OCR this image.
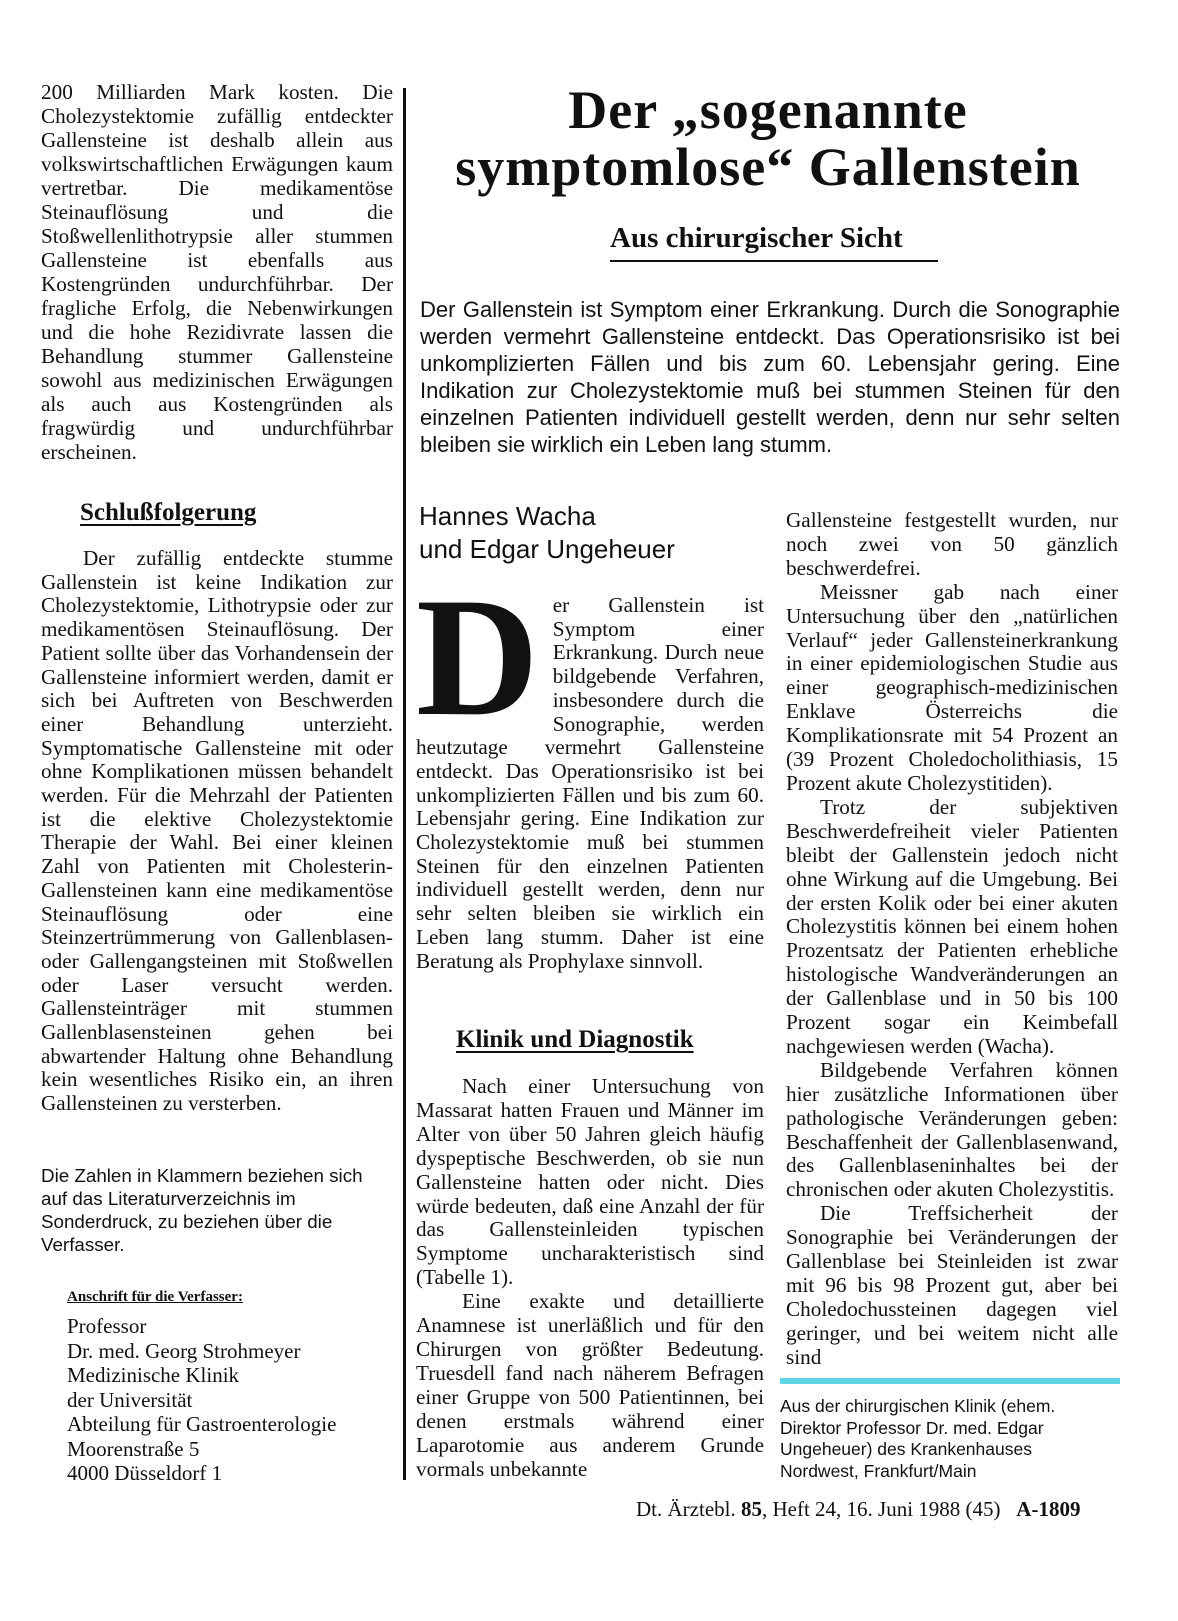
200 Milliarden Mark kosten. Die Cholezystektomie zufällig entdeckter Gallensteine ist deshalb allein aus volkswirtschaftlichen Erwägungen kaum vertretbar. Die medikamentöse Steinauflösung und die Stoßwellenlithotrypsie aller stummen Gallensteine ist ebenfalls aus Kostengründen undurchführbar. Der fragliche Erfolg, die Nebenwirkungen und die hohe Rezidivrate lassen die Behandlung stummer Gallensteine sowohl aus medizinischen Erwägungen als auch aus Kostengründen als fragwürdig und undurchführbar erscheinen.

Schlußfolgerung

Der zufällig entdeckte stumme Gallenstein ist keine Indikation zur Cholezystektomie, Lithotrypsie oder zur medikamentösen Steinauflösung. Der Patient sollte über das Vorhandensein der Gallensteine informiert werden, damit er sich bei Auftreten von Beschwerden einer Behandlung unterzieht. Symptomatische Gallensteine mit oder ohne Komplikationen müssen behandelt werden. Für die Mehrzahl der Patienten ist die elektive Cholezystektomie Therapie der Wahl. Bei einer kleinen Zahl von Patienten mit Cholesterin-Gallensteinen kann eine medikamentöse Steinauflösung oder eine Steinzertrümmerung von Gallenblasen- oder Gallengangsteinen mit Stoßwellen oder Laser versucht werden. Gallensteinträger mit stummen Gallenblasensteinen gehen bei abwartender Haltung ohne Behandlung kein wesentliches Risiko ein, an ihren Gallensteinen zu versterben.

Die Zahlen in Klammern beziehen sich auf das Literaturverzeichnis im Sonderdruck, zu beziehen über die Verfasser.
Anschrift für die Verfasser:
Professor
Dr. med. Georg Strohmeyer
Medizinische Klinik
der Universität
Abteilung für Gastroenterologie
Moorenstraße 5
4000 Düsseldorf 1
Der „sogenannte
symptomlose“ Gallenstein
Aus chirurgischer Sicht
Der Gallenstein ist Symptom einer Erkrankung. Durch die Sonographie werden vermehrt Gallensteine entdeckt. Das Operationsrisiko ist bei unkomplizierten Fällen und bis zum 60. Lebensjahr gering. Eine Indikation zur Cholezystektomie muß bei stummen Steinen für den einzelnen Patienten individuell gestellt werden, denn nur sehr selten bleiben sie wirklich ein Leben lang stumm.
Hannes Wacha
und Edgar Ungeheuer
D er Gallenstein ist Symptom einer Erkrankung. Durch neue bildgebende Verfahren, insbesondere durch die Sonographie, werden heutzutage vermehrt Gallensteine entdeckt. Das Operationsrisiko ist bei unkomplizierten Fällen und bis zum 60. Lebensjahr gering. Eine Indikation zur Cholezystektomie muß bei stummen Steinen für den einzelnen Patienten individuell gestellt werden, denn nur sehr selten bleiben sie wirklich ein Leben lang stumm. Daher ist eine Beratung als Prophylaxe sinnvoll.
Klinik und Diagnostik

Nach einer Untersuchung von Massarat hatten Frauen und Männer im Alter von über 50 Jahren gleich häufig dyspeptische Beschwerden, ob sie nun Gallensteine hatten oder nicht. Dies würde bedeuten, daß eine Anzahl der für das Gallensteinleiden typischen Symptome uncharakteristisch sind (Tabelle 1).

Eine exakte und detaillierte Anamnese ist unerläßlich und für den Chirurgen von größter Bedeutung. Truesdell fand nach näherem Befragen einer Gruppe von 500 Patientinnen, bei denen erstmals während einer Laparotomie aus anderem Grunde vormals unbekannte

Gallensteine festgestellt wurden, nur noch zwei von 50 gänzlich beschwerdefrei.

Meissner gab nach einer Untersuchung über den „natürlichen Verlauf“ jeder Gallensteinerkrankung in einer epidemiologischen Studie aus einer geographisch-medizinischen Enklave Österreichs die Komplikationsrate mit 54 Prozent an (39 Prozent Choledocholithiasis, 15 Prozent akute Cholezystitiden).

Trotz der subjektiven Beschwerdefreiheit vieler Patienten bleibt der Gallenstein jedoch nicht ohne Wirkung auf die Umgebung. Bei der ersten Kolik oder bei einer akuten Cholezystitis können bei einem hohen Prozentsatz der Patienten erhebliche histologische Wandveränderungen an der Gallenblase und in 50 bis 100 Prozent sogar ein Keimbefall nachgewiesen werden (Wacha).

Bildgebende Verfahren können hier zusätzliche Informationen über pathologische Veränderungen geben: Beschaffenheit der Gallenblasenwand, des Gallenblaseninhaltes bei der chronischen oder akuten Cholezystitis.

Die Treffsicherheit der Sonographie bei Veränderungen der Gallenblase bei Steinleiden ist zwar mit 96 bis 98 Prozent gut, aber bei Choledochussteinen dagegen viel geringer, und bei weitem nicht alle sind

Aus der chirurgischen Klinik (ehem. Direktor Professor Dr. med. Edgar Ungeheuer) des Krankenhauses Nordwest, Frankfurt/Main
Dt. Ärztebl. 85, Heft 24, 16. Juni 1988 (45) A-1809
